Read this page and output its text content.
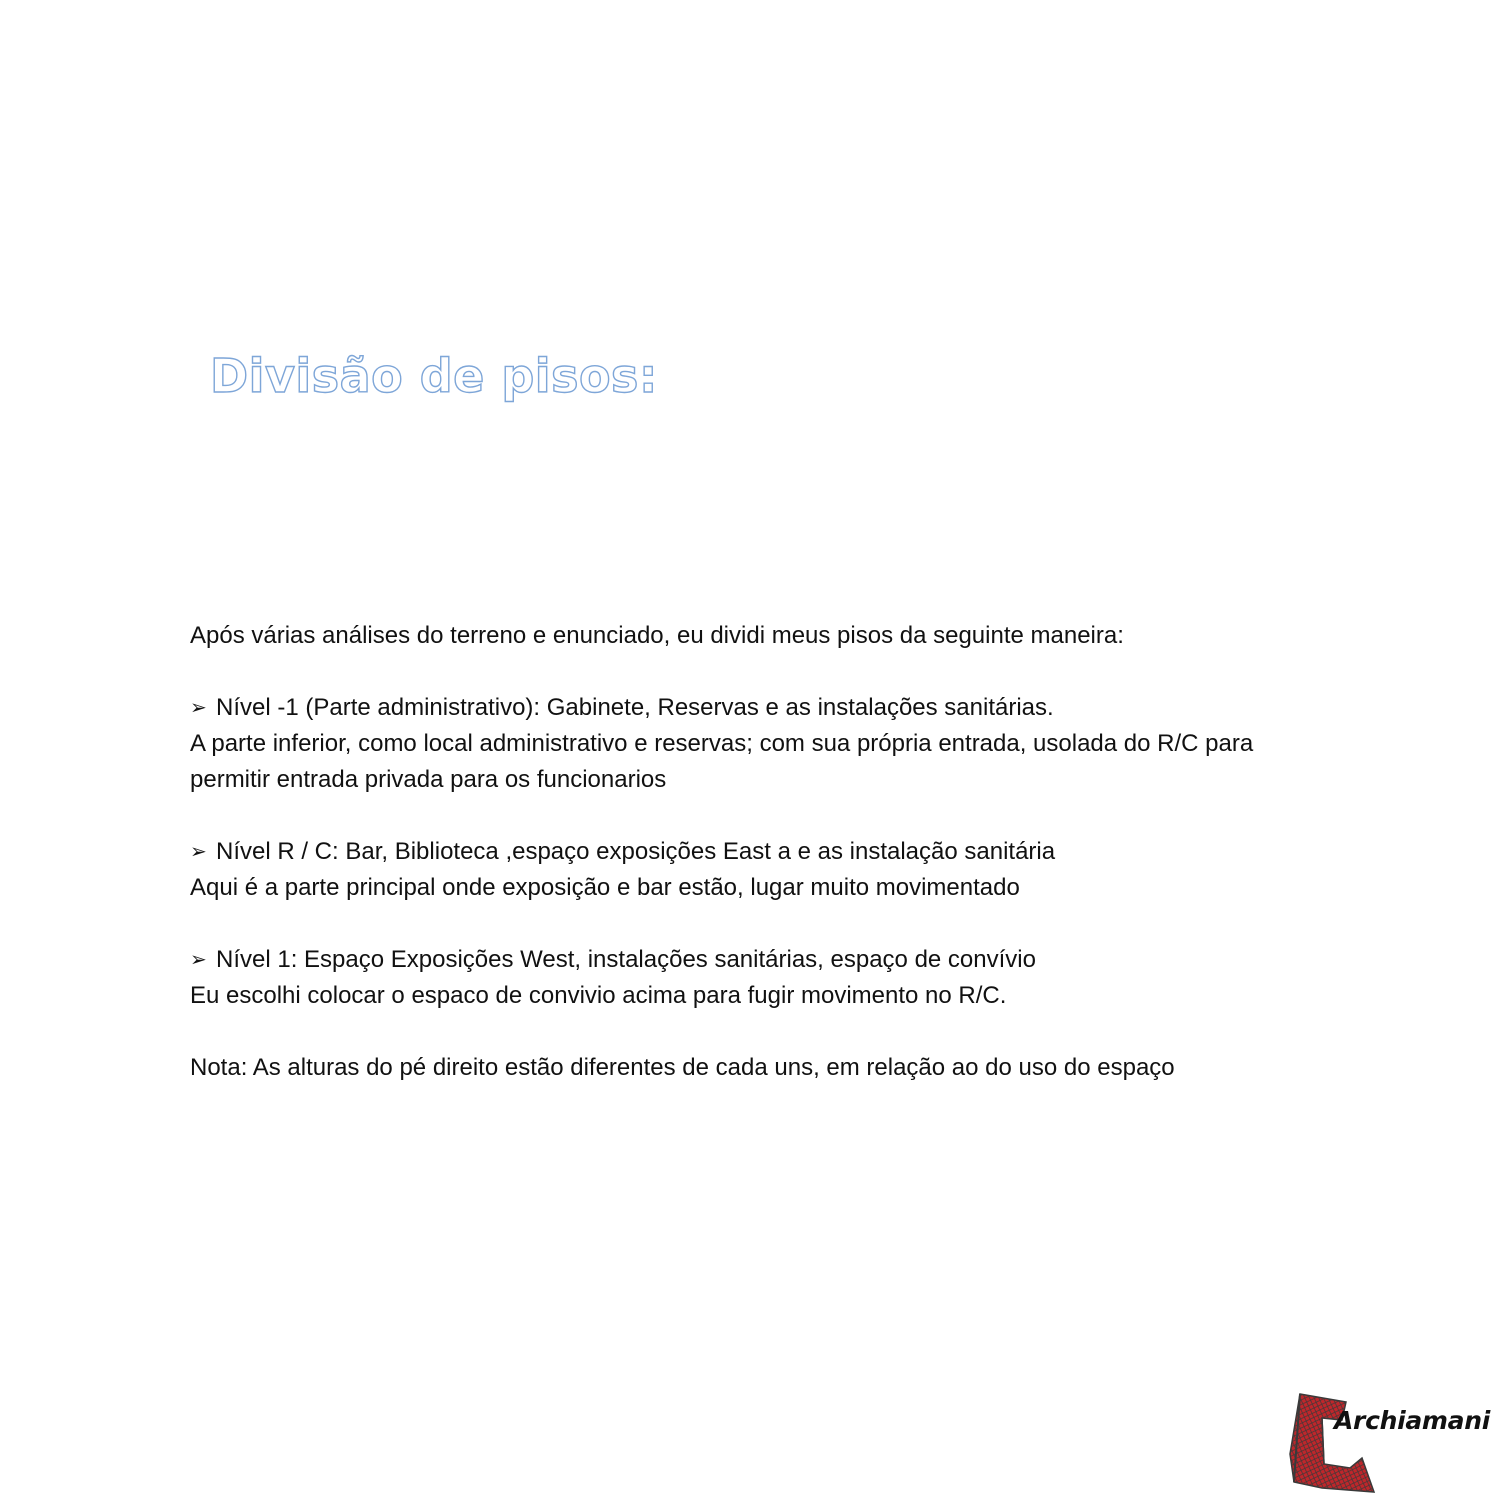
Divisão de pisos:
Após várias análises do terreno e enunciado, eu dividi meus pisos da seguinte maneira:
➢ Nível -1 (Parte administrativo): Gabinete, Reservas e as instalações sanitárias.
A parte inferior, como local administrativo e reservas; com sua própria entrada, usolada do R/C para
permitir entrada privada para os funcionarios
➢ Nível R / C: Bar, Biblioteca ,espaço exposições East a e as instalação sanitária
Aqui é a parte principal onde exposição e bar estão, lugar muito movimentado
➢ Nível 1: Espaço Exposições West, instalações sanitárias, espaço de convívio
Eu escolhi colocar o espaco de convivio acima para fugir movimento no R/C.
Nota: As alturas do pé direito estão diferentes de cada uns, em relação ao do uso do espaço
Archiamani
